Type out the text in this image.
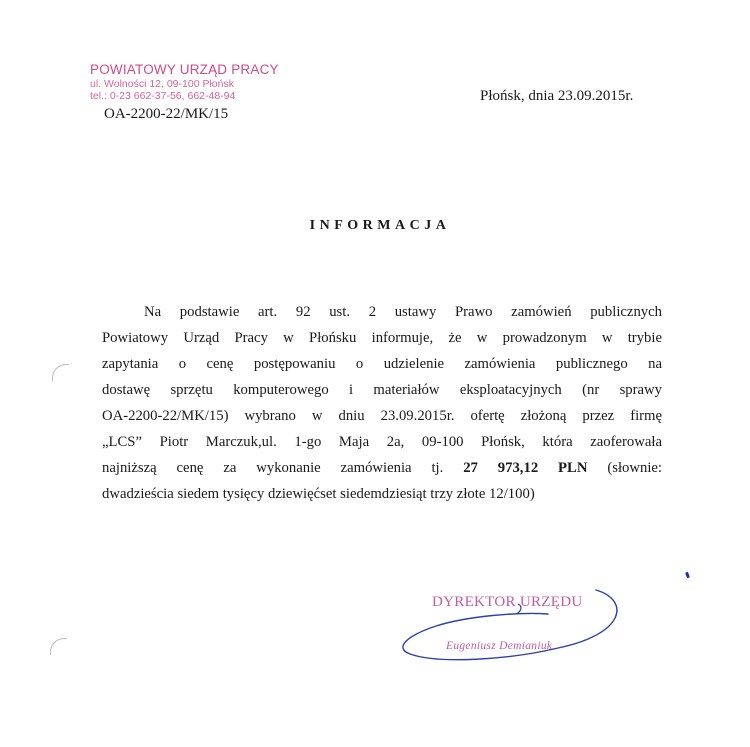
POWIATOWY URZĄD PRACY
ul. Wolności 12, 09-100 Płońsk
tel.: 0-23 662-37-56, 662-48-94
OA-2200-22/MK/15
Płońsk, dnia 23.09.2015r.
INFORMACJA
Na podstawie art. 92 ust. 2 ustawy Prawo zamówień publicznych
Powiatowy Urząd Pracy w Płońsku informuje, że w prowadzonym w trybie
zapytania o cenę postępowaniu o udzielenie zamówienia publicznego na
dostawę sprzętu komputerowego i materiałów eksploatacyjnych (nr sprawy
OA-2200-22/MK/15) wybrano w dniu 23.09.2015r. ofertę złożoną przez firmę
„LCS” Piotr Marczuk,ul. 1-go Maja 2a, 09-100 Płońsk, która zaoferowała
najniższą cenę za wykonanie zamówienia tj. 27 973,12 PLN (słownie:
dwadzieścia siedem tysięcy dziewięćset siedemdziesiąt trzy złote 12/100)
DYREKTOR URZĘDU
Eugeniusz Demianiuk
